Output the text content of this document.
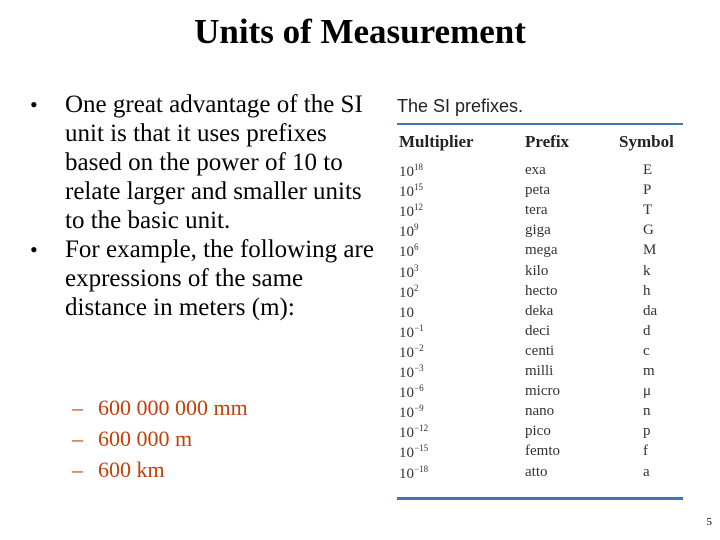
Units of Measurement
• One great advantage of the SI unit is that it uses prefixes based on the power of 10 to relate larger and smaller units to the basic unit.
• For example, the following are expressions of the same distance in meters (m):
– 600 000 000 mm
– 600 000 m
– 600 km
The SI prefixes.
Multiplier	Prefix	Symbol
$10^{18}$	exa	E
$10^{15}$	peta	P
$10^{12}$	tera	T
$10^9$	giga	G
$10^6$	mega	M
$10^3$	kilo	k
$10^2$	hecto	h
10	deka	da
$10^{-1}$	deci	d
$10^{-2}$	centi	c
$10^{-3}$	milli	m
$10^{-6}$	micro	μ
$10^{-9}$	nano	n
$10^{-12}$	pico	p
$10^{-15}$	femto	f
$10^{-18}$	atto	a
5
